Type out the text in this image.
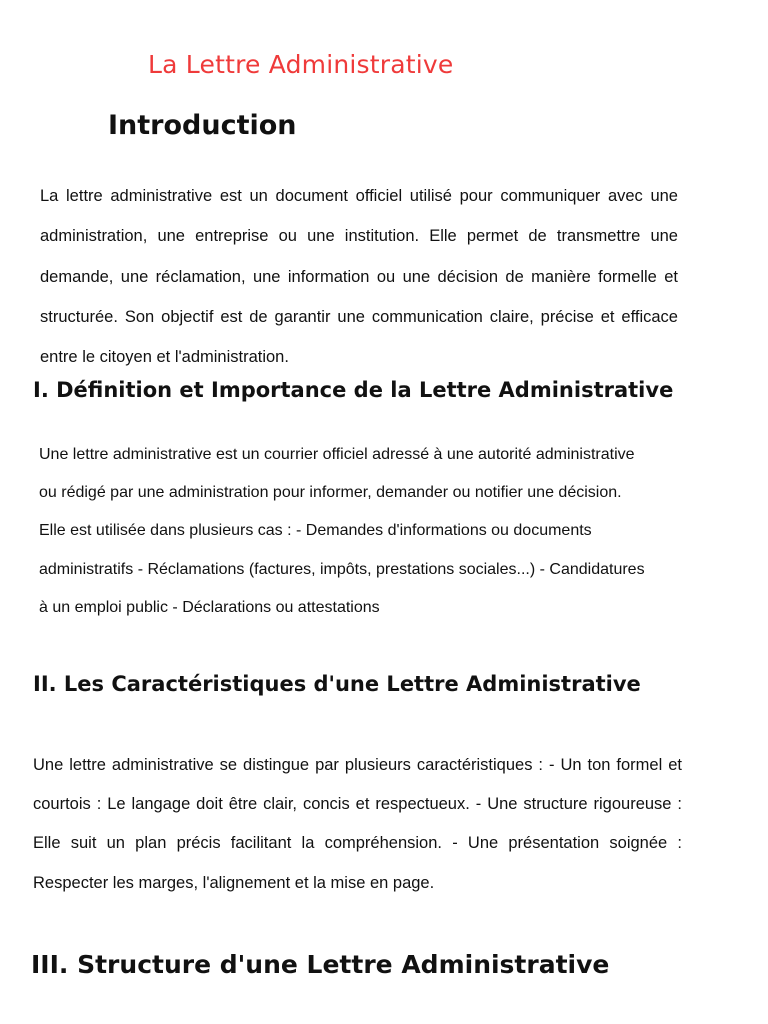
La Lettre Administrative
Introduction

La lettre administrative est un document officiel utilisé pour communiquer avec une administration, une entreprise ou une institution. Elle permet de transmettre une demande, une réclamation, une information ou une décision de manière formelle et structurée. Son objectif est de garantir une communication claire, précise et efficace entre le citoyen et l'administration.

I. Définition et Importance de la Lettre Administrative

Une lettre administrative est un courrier officiel adressé à une autorité administrative ou rédigé par une administration pour informer, demander ou notifier une décision. Elle est utilisée dans plusieurs cas : - Demandes d'informations ou documents administratifs - Réclamations (factures, impôts, prestations sociales...) - Candidatures à un emploi public - Déclarations ou attestations

II. Les Caractéristiques d'une Lettre Administrative

Une lettre administrative se distingue par plusieurs caractéristiques : - Un ton formel et courtois : Le langage doit être clair, concis et respectueux. - Une structure rigoureuse : Elle suit un plan précis facilitant la compréhension. - Une présentation soignée : Respecter les marges, l'alignement et la mise en page.

III. Structure d'une Lettre Administrative
